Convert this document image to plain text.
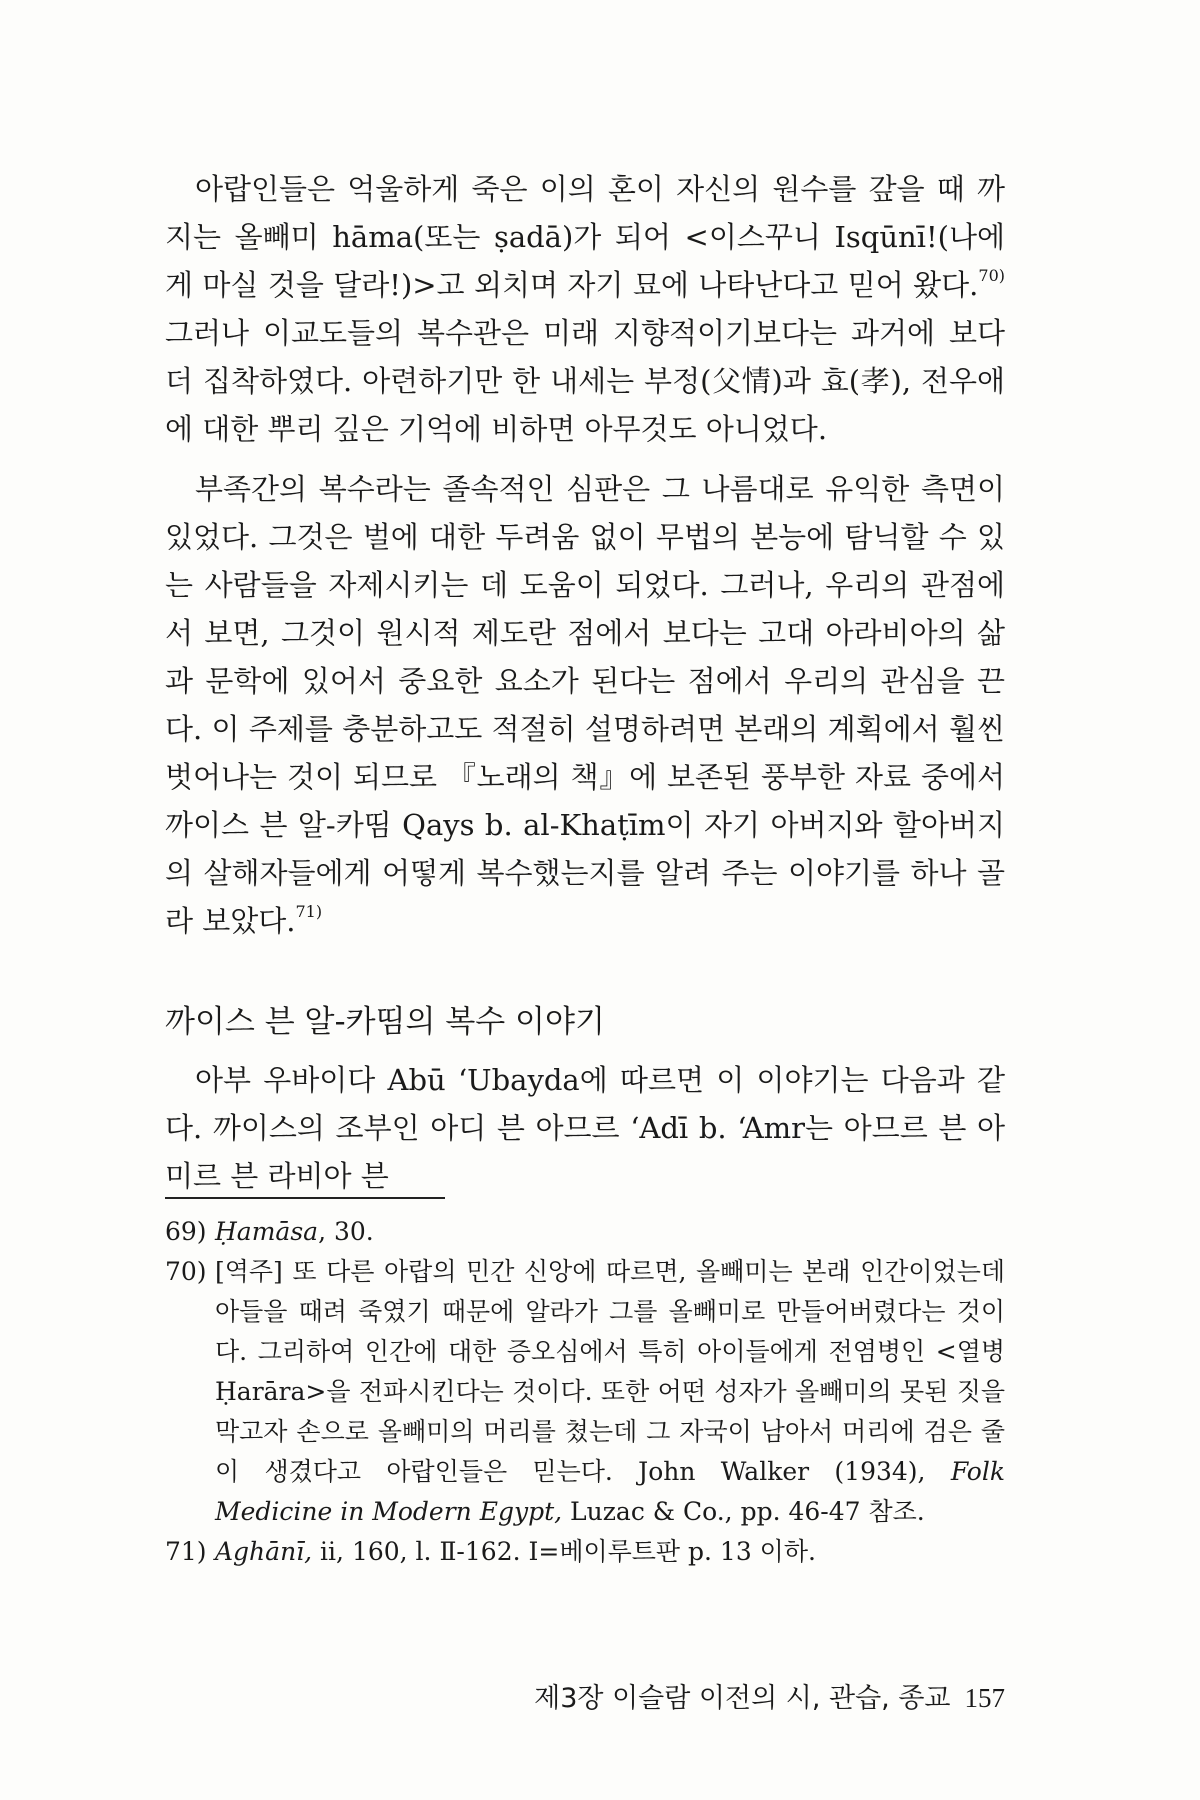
아랍인들은 억울하게 죽은 이의 혼이 자신의 원수를 갚을 때 까지는 올빼미 hāma(또는 ṣadā)가 되어 <이스꾸니 Isqūnī!(나에게 마실 것을 달라!)>고 외치며 자기 묘에 나타난다고 믿어 왔다.$^{70)}$ 그러나 이교도들의 복수관은 미래 지향적이기보다는 과거에 보다 더 집착하였다. 아련하기만 한 내세는 부정(父情)과 효(孝), 전우애에 대한 뿌리 깊은 기억에 비하면 아무것도 아니었다.

부족간의 복수라는 졸속적인 심판은 그 나름대로 유익한 측면이 있었다. 그것은 벌에 대한 두려움 없이 무법의 본능에 탐닉할 수 있는 사람들을 자제시키는 데 도움이 되었다. 그러나, 우리의 관점에서 보면, 그것이 원시적 제도란 점에서 보다는 고대 아라비아의 삶과 문학에 있어서 중요한 요소가 된다는 점에서 우리의 관심을 끈다. 이 주제를 충분하고도 적절히 설명하려면 본래의 계획에서 훨씬 벗어나는 것이 되므로 『노래의 책』에 보존된 풍부한 자료 중에서 까이스 븐 알-카띰 Qays b. al-Khaṭīm이 자기 아버지와 할아버지의 살해자들에게 어떻게 복수했는지를 알려 주는 이야기를 하나 골라 보았다.$^{71)}$

까이스 븐 알-카띰의 복수 이야기

아부 우바이다 Abū ‘Ubayda에 따르면 이 이야기는 다음과 같다. 까이스의 조부인 아디 븐 아므르 ‘Adī b. ‘Amr는 아므르 븐 아미르 븐 라비아 븐

69) Ḥamāsa, 30.

70) [역주] 또 다른 아랍의 민간 신앙에 따르면, 올빼미는 본래 인간이었는데 아들을 때려 죽였기 때문에 알라가 그를 올빼미로 만들어버렸다는 것이다. 그리하여 인간에 대한 증오심에서 특히 아이들에게 전염병인 <열병 Ḥarāra>을 전파시킨다는 것이다. 또한 어떤 성자가 올빼미의 못된 짓을 막고자 손으로 올빼미의 머리를 쳤는데 그 자국이 남아서 머리에 검은 줄이 생겼다고 아랍인들은 믿는다. John Walker (1934), Folk Medicine in Modern Egypt, Luzac & Co., pp. 46-47 참조.

71) Aghānī, ii, 160, l. Ⅱ-162. I=베이루트판 p. 13 이하.

제3장 이슬람 이전의 시, 관습, 종교 157
